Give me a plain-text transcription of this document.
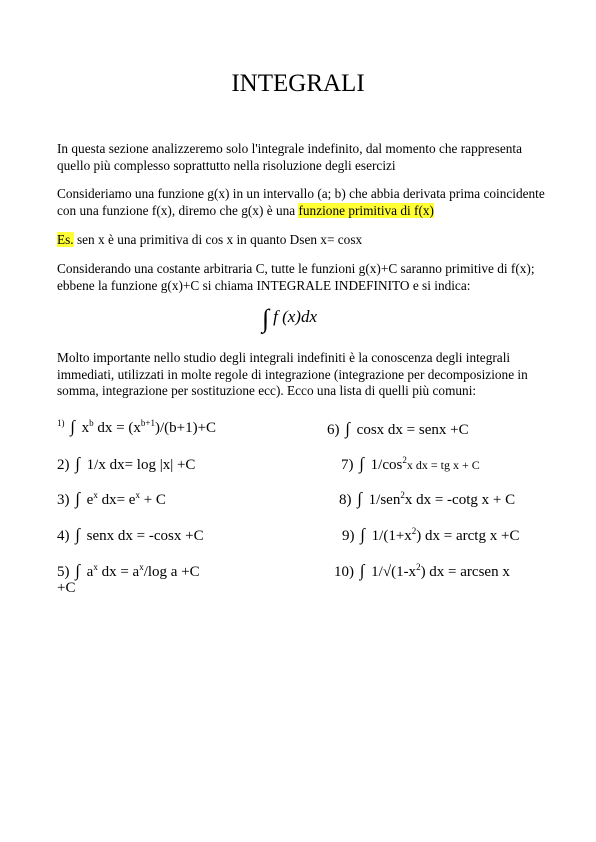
INTEGRALI
In questa sezione analizzeremo solo l'integrale indefinito, dal momento che rappresenta quello più complesso soprattutto nella risoluzione degli esercizi
Consideriamo una funzione g(x) in un intervallo (a; b) che abbia derivata prima coincidente con una funzione f(x), diremo che g(x) è una funzione primitiva di f(x)
Es. sen x è una primitiva di cos x in quanto Dsen x= cosx
Considerando una costante arbitraria C, tutte le funzioni g(x)+C saranno primitive di f(x); ebbene la funzione g(x)+C si chiama INTEGRALE INDEFINITO e si indica:
∫ f (x)dx
Molto importante nello studio degli integrali indefiniti è la conoscenza degli integrali immediati, utilizzati in molte regole di integrazione (integrazione per decomposizione in somma, integrazione per sostituzione ecc). Ecco una lista di quelli più comuni:
$^{1)}$ ∫ $x^b$ dx = $(x^{b+1})/(b+1)+C$
2) ∫ 1/x dx= log |x| +C
3) ∫ $e^x$ $dx= e^x + C$
4) ∫ senx dx = -cosx +C
5) ∫ $a^x$ dx = $a^x/\log$ a +C
+C
6) ∫ cosx dx = senx +C
7) ∫ $1/\cos^2x$ dx = tg x + C
8) ∫ 1/sen$^2$x dx = -cotg x + C
9) ∫ $1/(1+x^2)$ dx = arctg x +C
10) ∫ $1/√(1-x^2)$ dx = arcsen x
